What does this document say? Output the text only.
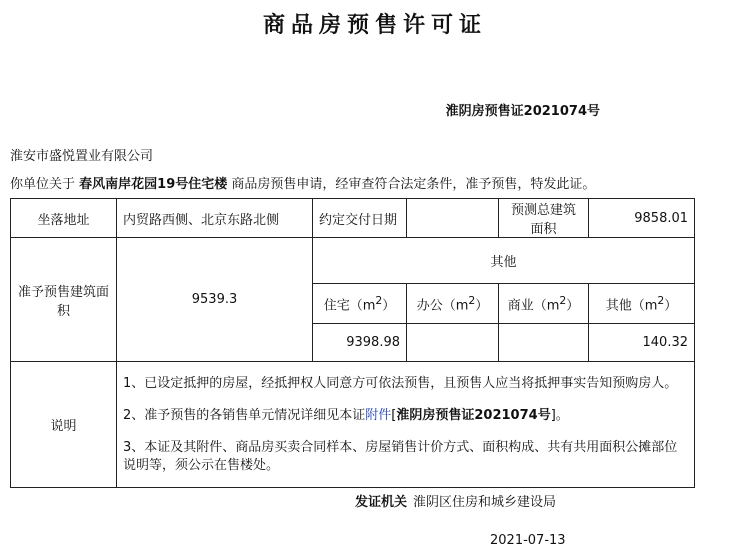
商品房预售许可证
淮阴房预售证2021074号
淮安市盛悦置业有限公司
你单位关于 春风南岸花园19号住宅楼 商品房预售申请，经审查符合法定条件，准予预售，特发此证。
坐落地址	内贸路西侧、北京东路北侧	约定交付日期		预测总建筑面积	9858.01
准予预售建筑面积	9539.3	其他			
		住宅$(m^2)$	办公$(m^2)$	商业$(m^2)$	其他$(m^2)$
		9398.98			140.32
说明	1、已设定抵押的房屋，经抵押权人同意方可依法预售，且预售人应当将抵押事实告知预购房人。

2、准予预售的各销售单元情况详细见本证附件[淮阴房预售证2021074号]。

3、本证及其附件、商品房买卖合同样本、房屋销售计价方式、面积构成、共有共用面积公摊部位说明等，须公示在售楼处。				

发证机关 淮阴区住房和城乡建设局
2021-07-13
